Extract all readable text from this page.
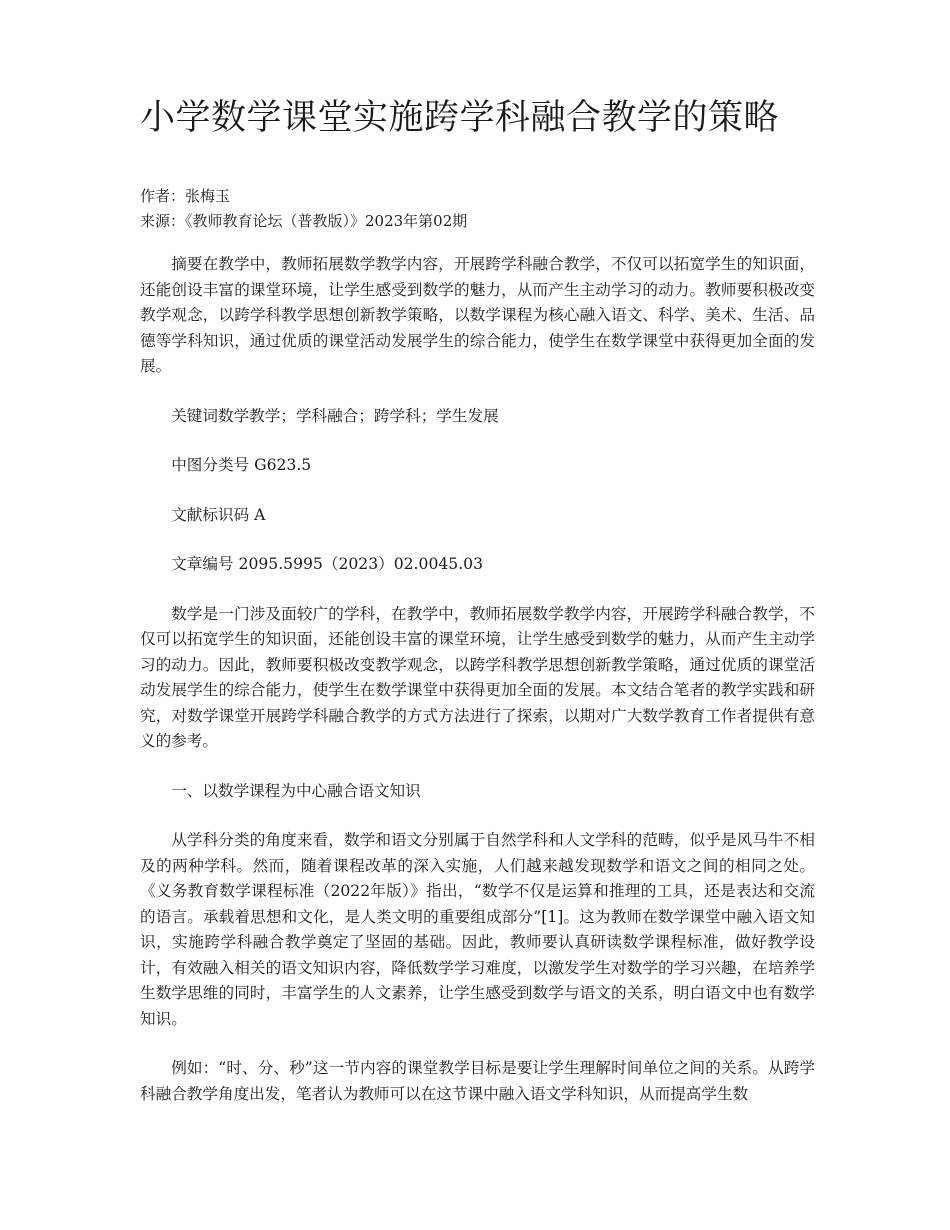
小学数学课堂实施跨学科融合教学的策略
作者：张梅玉
来源：《教师教育论坛（普教版）》2023年第02期

摘要在教学中，教师拓展数学教学内容，开展跨学科融合教学，不仅可以拓宽学生的知识面，还能创设丰富的课堂环境，让学生感受到数学的魅力，从而产生主动学习的动力。教师要积极改变教学观念，以跨学科教学思想创新教学策略，以数学课程为核心融入语文、科学、美术、生活、品德等学科知识，通过优质的课堂活动发展学生的综合能力，使学生在数学课堂中获得更加全面的发展。

关键词数学教学；学科融合；跨学科；学生发展

中图分类号 G623.5

文献标识码 A

文章编号 2095.5995（2023）02.0045.03

数学是一门涉及面较广的学科，在教学中，教师拓展数学教学内容，开展跨学科融合教学，不仅可以拓宽学生的知识面，还能创设丰富的课堂环境，让学生感受到数学的魅力，从而产生主动学习的动力。因此，教师要积极改变教学观念，以跨学科教学思想创新教学策略，通过优质的课堂活动发展学生的综合能力，使学生在数学课堂中获得更加全面的发展。本文结合笔者的教学实践和研究，对数学课堂开展跨学科融合教学的方式方法进行了探索，以期对广大数学教育工作者提供有意义的参考。

一、以数学课程为中心融合语文知识

从学科分类的角度来看，数学和语文分别属于自然学科和人文学科的范畴，似乎是风马牛不相及的两种学科。然而，随着课程改革的深入实施，人们越来越发现数学和语文之间的相同之处。《义务教育数学课程标准（2022年版）》指出，“数学不仅是运算和推理的工具，还是表达和交流的语言。承载着思想和文化，是人类文明的重要组成部分”[1]。这为教师在数学课堂中融入语文知识，实施跨学科融合教学奠定了坚固的基础。因此，教师要认真研读数学课程标准，做好教学设计，有效融入相关的语文知识内容，降低数学学习难度，以激发学生对数学的学习兴趣，在培养学生数学思维的同时，丰富学生的人文素养，让学生感受到数学与语文的关系，明白语文中也有数学知识。

例如：“时、分、秒”这一节内容的课堂教学目标是要让学生理解时间单位之间的关系。从跨学科融合教学角度出发，笔者认为教师可以在这节课中融入语文学科知识，从而提高学生数
